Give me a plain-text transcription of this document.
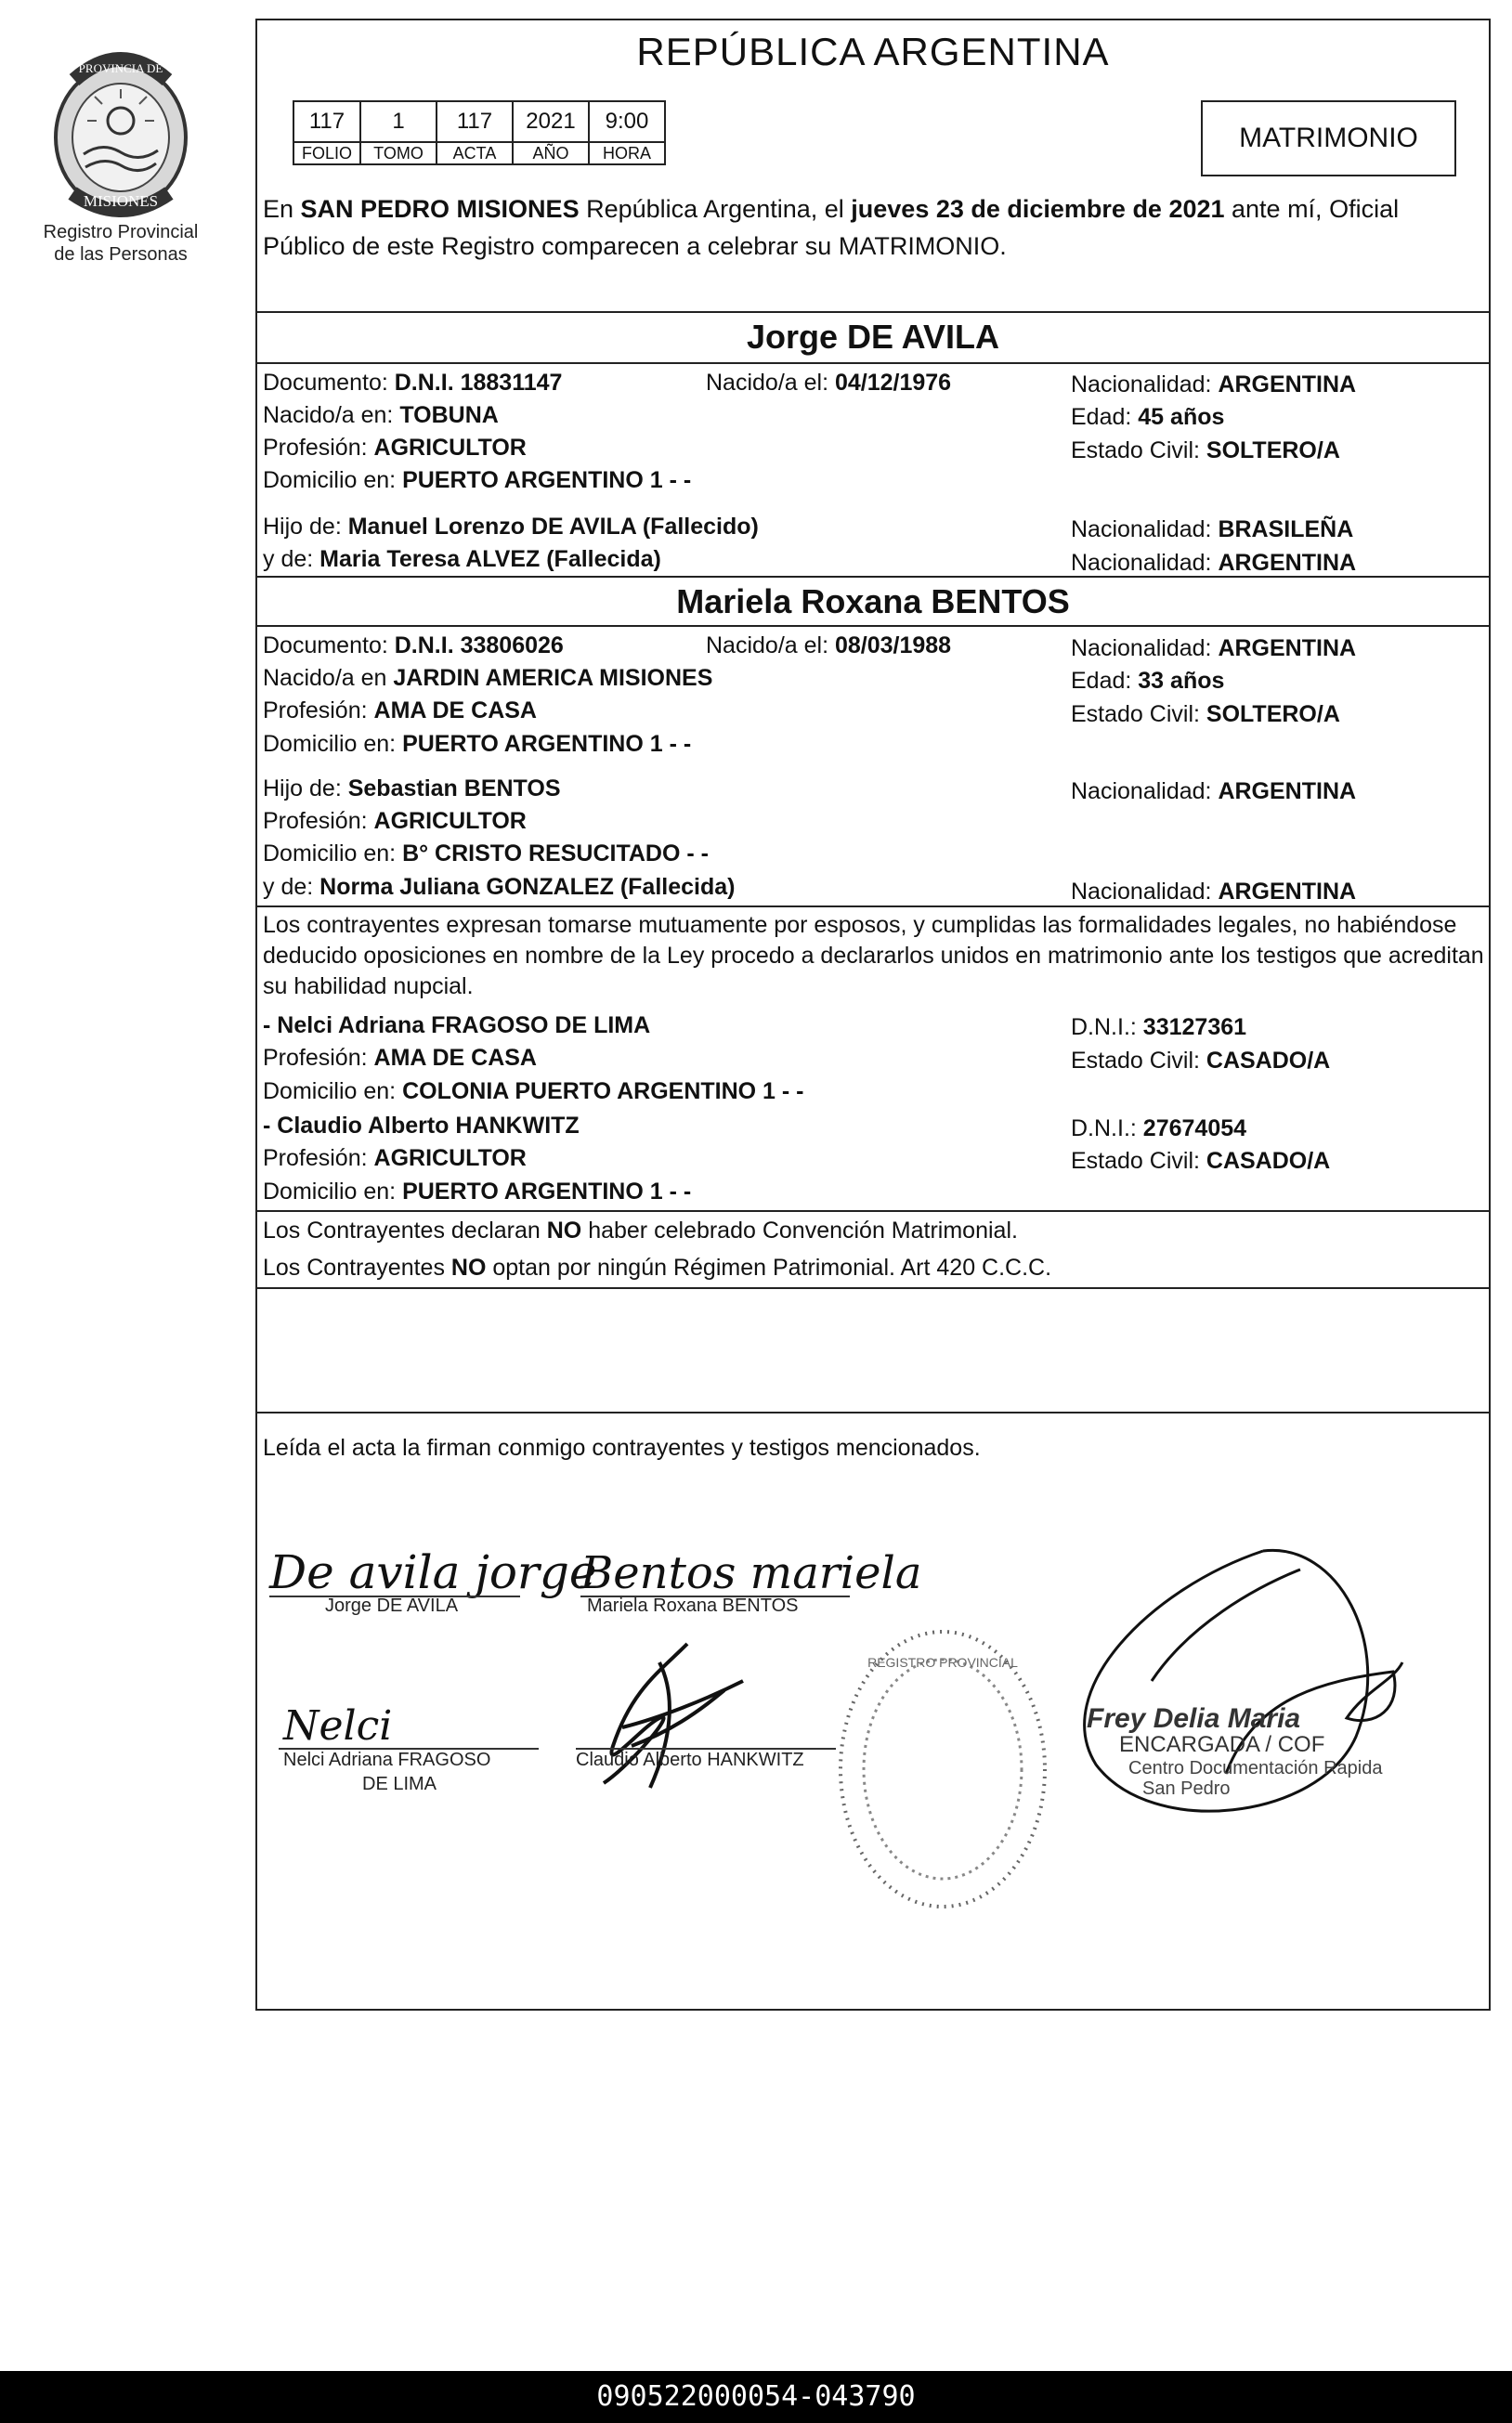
PROVINCIA DE
MISIONES
Registro Provincial
de las Personas
REPÚBLICA ARGENTINA
117	1	117	2021	9:00
FOLIO	TOMO	ACTA	AÑO	HORA	MATRIMONIO
En SAN PEDRO MISIONES República Argentina, el jueves 23 de diciembre de 2021 ante mí, Oficial Público de este Registro comparecen a celebrar su MATRIMONIO.
Jorge DE AVILA
Documento: D.N.I. 18831147	Nacido/a el: 04/12/1976	Nacionalidad: ARGENTINA
Nacido/a en: TOBUNA	Edad: 45 años
Profesión: AGRICULTOR	Estado Civil: SOLTERO/A
Domicilio en: PUERTO ARGENTINO 1 - -
Hijo de: Manuel Lorenzo DE AVILA (Fallecido)	Nacionalidad: BRASILEÑA
y de: Maria Teresa ALVEZ (Fallecida)	Nacionalidad: ARGENTINA
Mariela Roxana BENTOS
Documento: D.N.I. 33806026	Nacido/a el: 08/03/1988	Nacionalidad: ARGENTINA
Nacido/a en JARDIN AMERICA MISIONES	Edad: 33 años
Profesión: AMA DE CASA	Estado Civil: SOLTERO/A
Domicilio en: PUERTO ARGENTINO 1 - -
Hijo de: Sebastian BENTOS	Nacionalidad: ARGENTINA
Profesión: AGRICULTOR
Domicilio en: B° CRISTO RESUCITADO - -
y de: Norma Juliana GONZALEZ (Fallecida)	Nacionalidad: ARGENTINA
Los contrayentes expresan tomarse mutuamente por esposos, y cumplidas las formalidades legales, no habiéndose deducido oposiciones en nombre de la Ley procedo a declararlos unidos en matrimonio ante los testigos que acreditan su habilidad nupcial.
- Nelci Adriana FRAGOSO DE LIMA	D.N.I.: 33127361
Profesión: AMA DE CASA	Estado Civil: CASADO/A
Domicilio en: COLONIA PUERTO ARGENTINO 1 - -
- Claudio Alberto HANKWITZ	D.N.I.: 27674054
Profesión: AGRICULTOR	Estado Civil: CASADO/A
Domicilio en: PUERTO ARGENTINO 1 - -
Los Contrayentes declaran NO haber celebrado Convención Matrimonial.
Los Contrayentes NO optan por ningún Régimen Patrimonial. Art 420 C.C.C.
Leída el acta la firman conmigo contrayentes y testigos mencionados.
De avila jorge
Jorge DE AVILA
Bentos mariela
Mariela Roxana BENTOS
Nelci
Nelci Adriana FRAGOSO
DE LIMA
Claudio Alberto HANKWITZ
REGISTRO PROVINCIAL
Frey Delia Maria
ENCARGADA / COF
Centro Documentación Rapida
San Pedro
090522000054-043790
